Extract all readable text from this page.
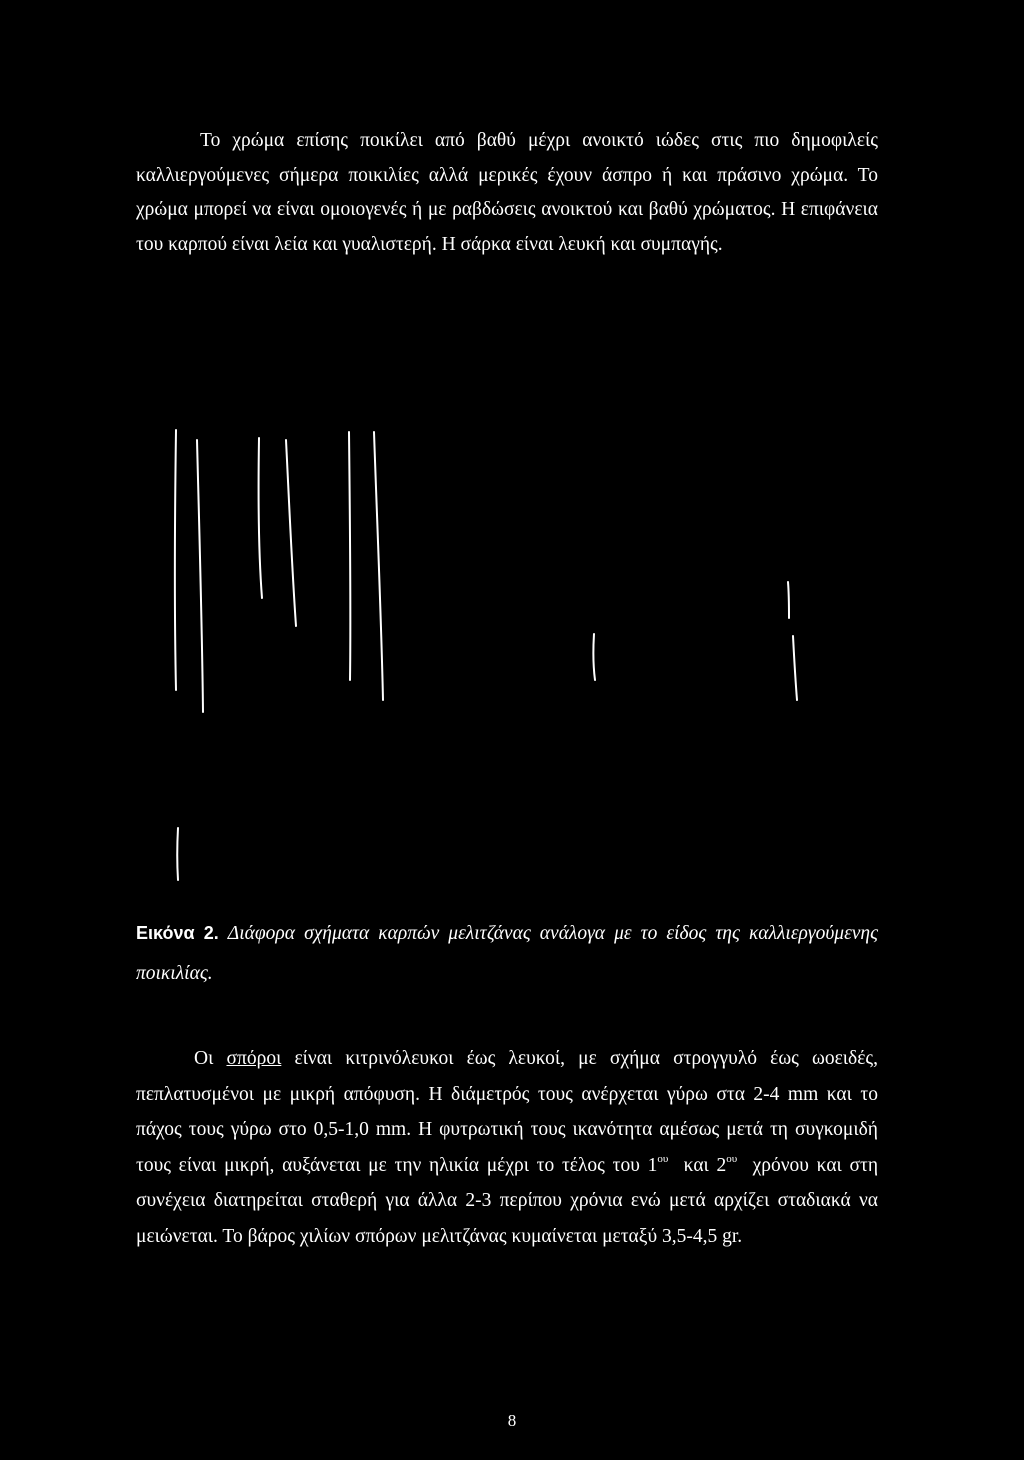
Το χρώμα επίσης ποικίλει από βαθύ μέχρι ανοικτό ιώδες στις πιο δημοφιλείς καλλιεργούμενες σήμερα ποικιλίες αλλά μερικές έχουν άσπρο ή και πράσινο χρώμα. Το χρώμα μπορεί να είναι ομοιογενές ή με ραβδώσεις ανοικτού και βαθύ χρώματος. Η επιφάνεια του καρπού είναι λεία και γυαλιστερή. Η σάρκα είναι λευκή και συμπαγής.

Εικόνα 2. Διάφορα σχήματα καρπών μελιτζάνας ανάλογα με το είδος της καλλιεργούμενης ποικιλίας.

Οι σπόροι είναι κιτρινόλευκοι έως λευκοί, με σχήμα στρογγυλό έως ωοειδές, πεπλατυσμένοι με μικρή απόφυση. Η διάμετρός τους ανέρχεται γύρω στα 2-4 mm και το πάχος τους γύρω στο 0,5-1,0 mm. Η φυτρωτική τους ικανότητα αμέσως μετά τη συγκομιδή τους είναι μικρή, αυξάνεται με την ηλικία μέχρι το τέλος του $1^{o\upsilon}$ και $2^{o\upsilon}$ χρόνου και στη συνέχεια διατηρείται σταθερή για άλλα 2-3 περίπου χρόνια ενώ μετά αρχίζει σταδιακά να μειώνεται. Το βάρος χιλίων σπόρων μελιτζάνας κυμαίνεται μεταξύ 3,5-4,5 gr.

8
